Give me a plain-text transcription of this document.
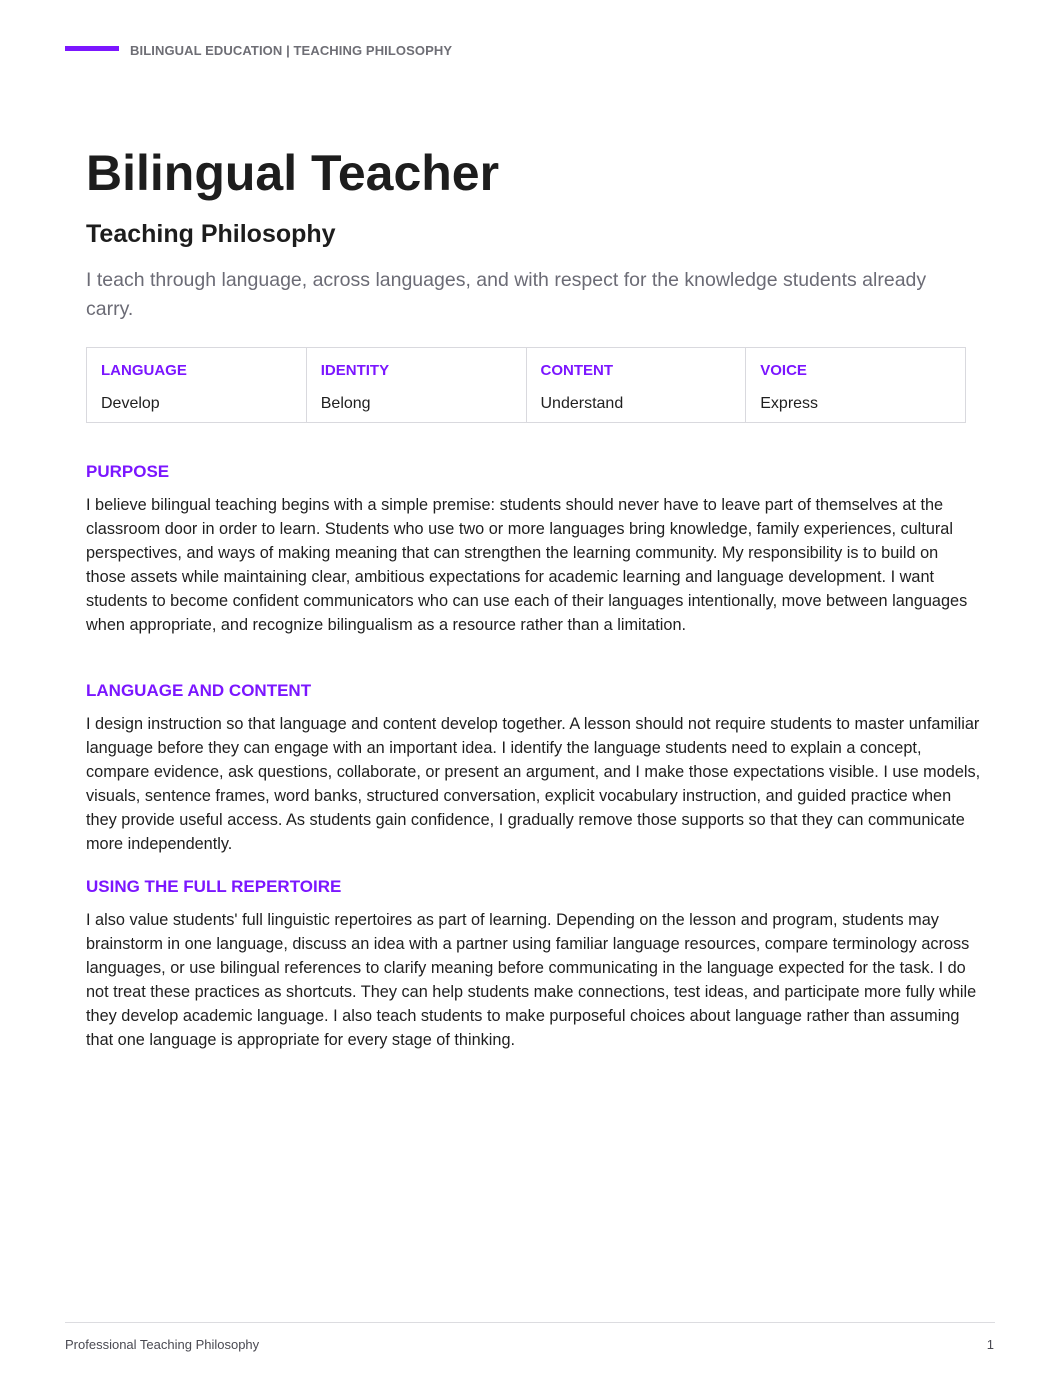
BILINGUAL EDUCATION | TEACHING PHILOSOPHY
Bilingual Teacher
Teaching Philosophy

I teach through language, across languages, and with respect for the knowledge students already carry.

LANGUAGE
Develop
IDENTITY
Belong
CONTENT
Understand
VOICE
Express
PURPOSE

I believe bilingual teaching begins with a simple premise: students should never have to leave part of themselves at the classroom door in order to learn. Students who use two or more languages bring knowledge, family experiences, cultural perspectives, and ways of making meaning that can strengthen the learning community. My responsibility is to build on those assets while maintaining clear, ambitious expectations for academic learning and language development. I want students to become confident communicators who can use each of their languages intentionally, move between languages when appropriate, and recognize bilingualism as a resource rather than a limitation.

LANGUAGE AND CONTENT

I design instruction so that language and content develop together. A lesson should not require students to master unfamiliar language before they can engage with an important idea. I identify the language students need to explain a concept, compare evidence, ask questions, collaborate, or present an argument, and I make those expectations visible. I use models, visuals, sentence frames, word banks, structured conversation, explicit vocabulary instruction, and guided practice when they provide useful access. As students gain confidence, I gradually remove those supports so that they can communicate more independently.

USING THE FULL REPERTOIRE

I also value students' full linguistic repertoires as part of learning. Depending on the lesson and program, students may brainstorm in one language, discuss an idea with a partner using familiar language resources, compare terminology across languages, or use bilingual references to clarify meaning before communicating in the language expected for the task. I do not treat these practices as shortcuts. They can help students make connections, test ideas, and participate more fully while they develop academic language. I also teach students to make purposeful choices about language rather than assuming that one language is appropriate for every stage of thinking.

Professional Teaching Philosophy	1
